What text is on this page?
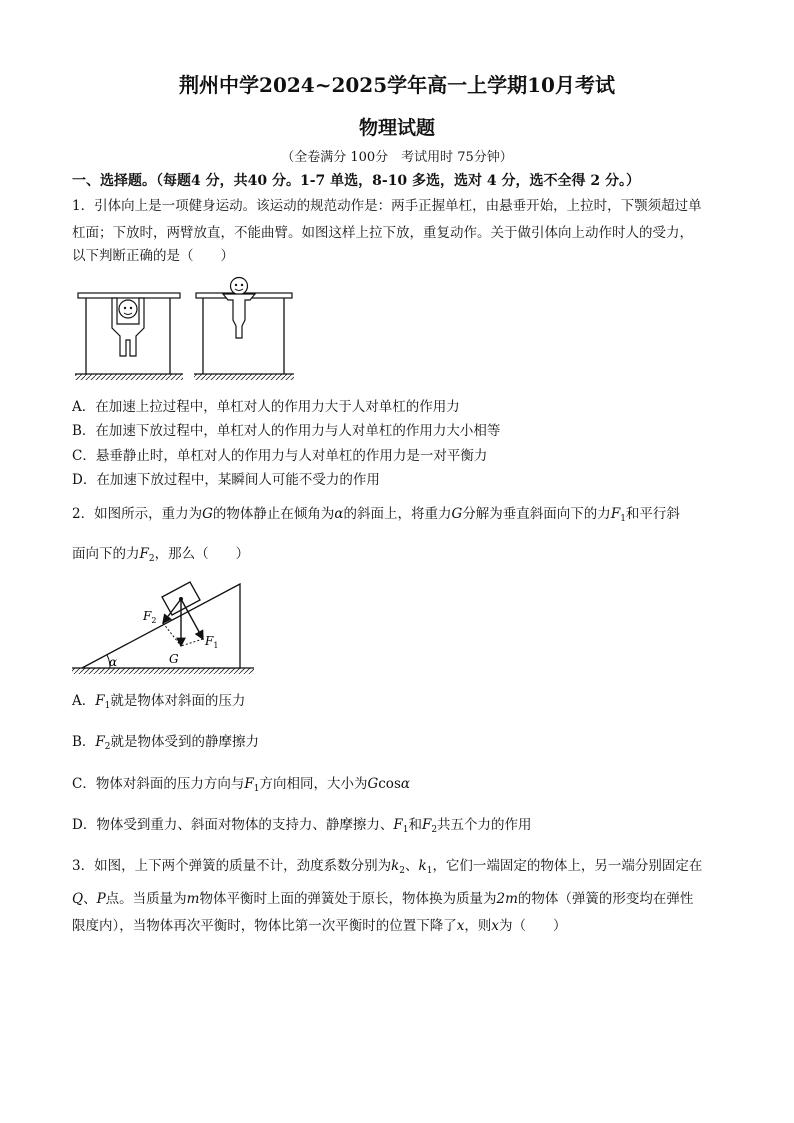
荆州中学2024~2025学年高一上学期10月考试
物理试题
（全卷满分 100分　考试用时 75分钟）
一、选择题。（每题4 分，共40 分。1-7 单选，8-10 多选，选对 4 分，选不全得 2 分。）
1．引体向上是一项健身运动。该运动的规范动作是：两手正握单杠，由悬垂开始，上拉时，下颚须超过单
杠面；下放时，两臂放直，不能曲臂。如图这样上拉下放，重复动作。关于做引体向上动作时人的受力，
以下判断正确的是（　　）
A．在加速上拉过程中，单杠对人的作用力大于人对单杠的作用力
B．在加速下放过程中，单杠对人的作用力与人对单杠的作用力大小相等
C．悬垂静止时，单杠对人的作用力与人对单杠的作用力是一对平衡力
D．在加速下放过程中，某瞬间人可能不受力的作用
2．如图所示，重力为G的物体静止在倾角为α的斜面上，将重力G分解为垂直斜面向下的力$F_1$和平行斜
面向下的力$F_2$，那么（　　）
α
$F_2$
$F_1$
G
A．$F_1$就是物体对斜面的压力
B．$F_2$就是物体受到的静摩擦力
C．物体对斜面的压力方向与$F_1$方向相同，大小为Gcosα
D．物体受到重力、斜面对物体的支持力、静摩擦力、$F_1$和$F_2$共五个力的作用
3．如图，上下两个弹簧的质量不计，劲度系数分别为$k_2$、$k_1$，它们一端固定的物体上，另一端分别固定在
Q、P点。当质量为m物体平衡时上面的弹簧处于原长，物体换为质量为2m的物体（弹簧的形变均在弹性
限度内），当物体再次平衡时，物体比第一次平衡时的位置下降了x，则x为（　　）
